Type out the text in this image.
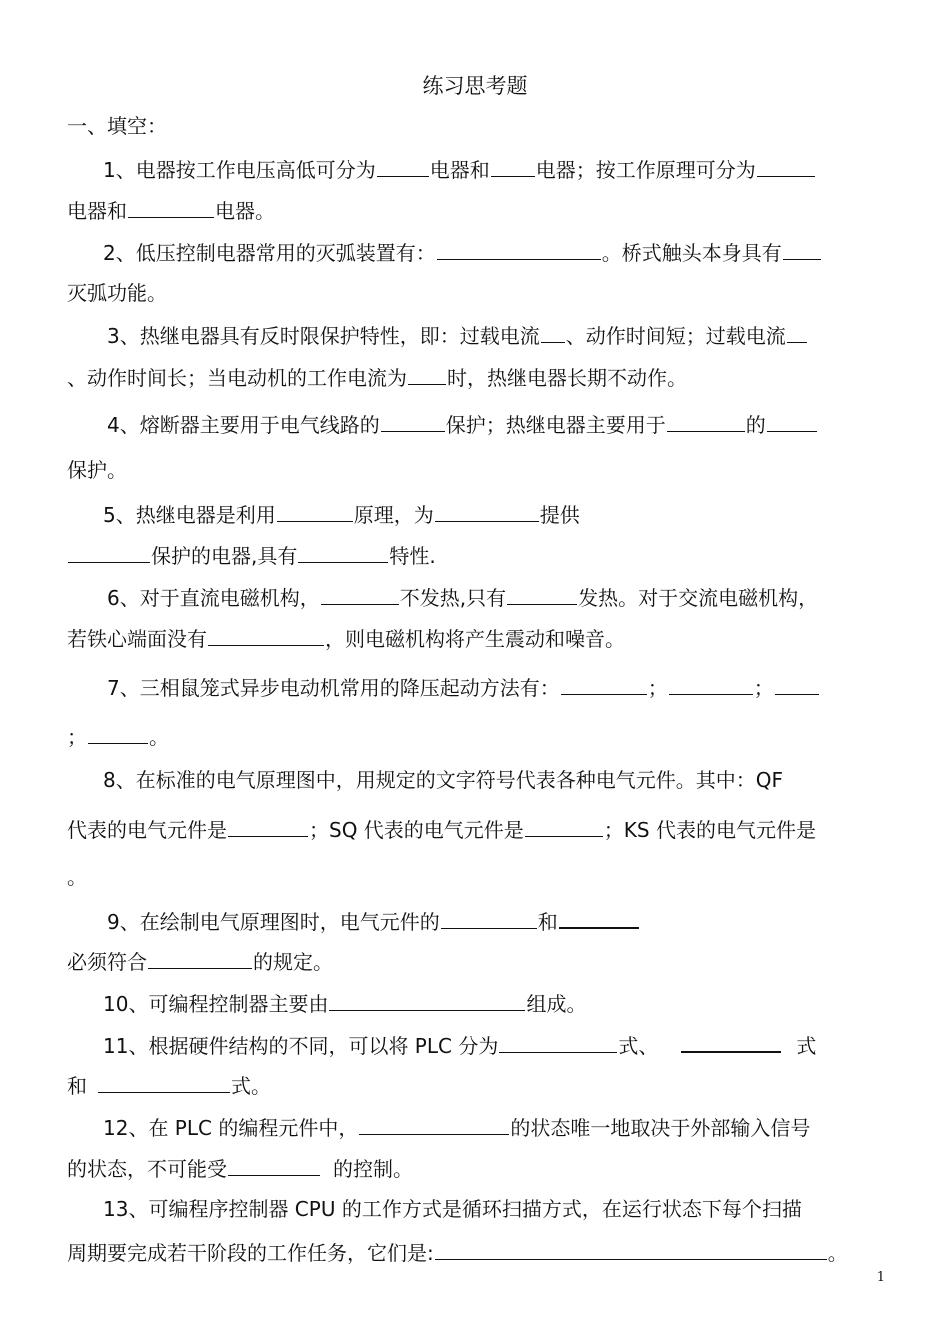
练习思考题
一、填空：
1、电器按工作电压高低可分为	电器和 电器；按工作原理可分为
电器和	电器。
2、低压控制电器常用的灭弧装置有：	。桥式触头本身具有
灭弧功能。
3、热继电器具有反时限保护特性，即：过载电流 、动作时间短；过载电流
、动作时间长；当电动机的工作电流为 时，热继电器长期不动作。
4、熔断器主要用于电气线路的	保护；热继电器主要用于	的
保护。
5、热继电器是利用	原理，为	提供
保护的电器,具有	特性.
6、对于直流电磁机构，	不发热,只有	发热。对于交流电磁机构，
若铁心端面没有	，则电磁机构将产生震动和噪音。
7、三相鼠笼式异步电动机常用的降压起动方法有：	；	；
；	。
8、在标准的电气原理图中，用规定的文字符号代表各种电气元件。其中：QF
代表的电气元件是	；SQ 代表的电气元件是	；KS 代表的电气元件是
。
9、在绘制电气原理图时，电气元件的	和
必须符合	的规定。
10、可编程控制器主要由	组成。
11、根据硬件结构的不同，可以将 PLC 分为	式、	式
和	式。
12、在 PLC 的编程元件中，	的状态唯一地取决于外部输入信号
的状态，不可能受	的控制。
13、可编程序控制器 CPU 的工作方式是循环扫描方式，在运行状态下每个扫描
周期要完成若干阶段的工作任务，它们是:	。
1
